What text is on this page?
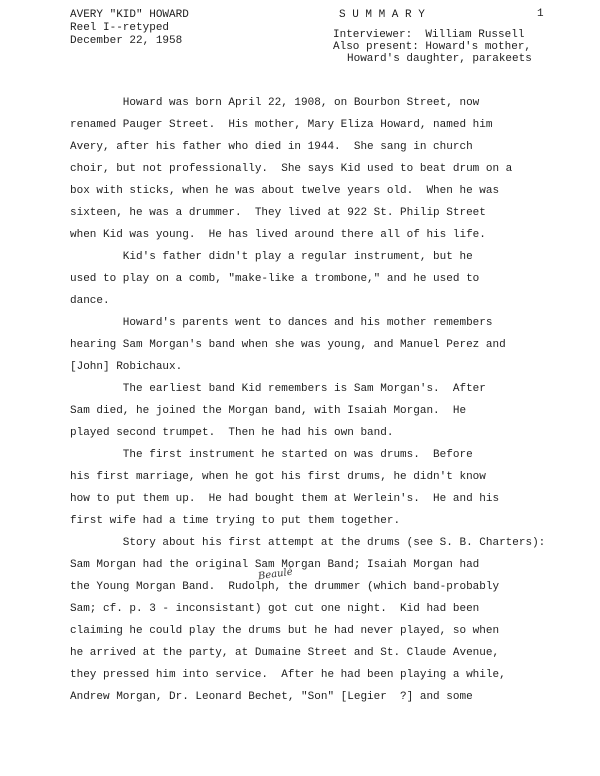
AVERY "KID" HOWARD
Reel I--retyped
December 22, 1958
S U M M A R Y	1
Interviewer:  William Russell
Also present: Howard's mother,
Howard's daughter, parakeets
Howard was born April 22, 1908, on Bourbon Street, now
renamed Pauger Street.  His mother, Mary Eliza Howard, named him
Avery, after his father who died in 1944.  She sang in church
choir, but not professionally.  She says Kid used to beat drum on a
box with sticks, when he was about twelve years old.  When he was
sixteen, he was a drummer.  They lived at 922 St. Philip Street
when Kid was young.  He has lived around there all of his life.
Kid's father didn't play a regular instrument, but he
used to play on a comb, "make-like a trombone," and he used to
dance.
Howard's parents went to dances and his mother remembers
hearing Sam Morgan's band when she was young, and Manuel Perez and
[John] Robichaux.
The earliest band Kid remembers is Sam Morgan's.  After
Sam died, he joined the Morgan band, with Isaiah Morgan.  He
played second trumpet.  Then he had his own band.
The first instrument he started on was drums.  Before
his first marriage, when he got his first drums, he didn't know
how to put them up.  He had bought them at Werlein's.  He and his
first wife had a time trying to put them together.
Story about his first attempt at the drums (see S. B. Charters):
Sam Morgan had the original Sam Morgan Band; Isaiah Morgan had
the Young Morgan Band.  Rudolph, the drummer (which band-probably
Sam; cf. p. 3 - inconsistant) got cut one night.  Kid had been
claiming he could play the drums but he had never played, so when
he arrived at the party, at Dumaine Street and St. Claude Avenue,
they pressed him into service.  After he had been playing a while,
Andrew Morgan, Dr. Leonard Bechet, "Son" [Legier  ?] and some
Beaulé
